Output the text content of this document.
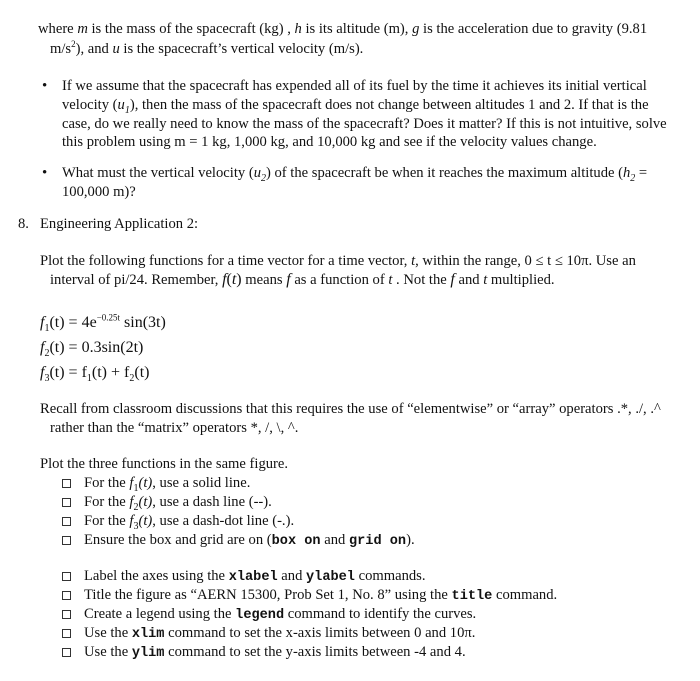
where m is the mass of the spacecraft (kg) , h is its altitude (m), g is the acceleration due to gravity (9.81

$m/s^2$), and u is the spacecraft’s vertical velocity (m/s).

• If we assume that the spacecraft has expended all of its fuel by the time it achieves its initial vertical

velocity $(u_1)$, then the mass of the spacecraft does not change between altitudes 1 and 2. If that is the

case, do we really need to know the mass of the spacecraft? Does it matter? If this is not intuitive, solve

this problem using m = 1 kg, 1,000 kg, and 10,000 kg and see if the velocity values change.

• What must the vertical velocity $(u_2)$ of the spacecraft be when it reaches the maximum altitude ($h_2$ =

100,000 m)?

8. Engineering Application 2:

Plot the following functions for a time vector for a time vector, t, within the range, 0 ≤ t ≤ 10π. Use an

interval of pi/24. Remember, f(t) means f as a function of t . Not the f and t multiplied.

$f_1(t) = 4e^{-0.25t}$ sin(3t)
$f_2(t) = 0.3\sin(2t)$
$f_3(t) = f_1(t) + f_2(t)$

Recall from classroom discussions that this requires the use of “elementwise” or “array” operators .*, ./, .^

rather than the “matrix” operators *, /, \, ^.

Plot the three functions in the same figure.

For the $f_1(t)$, use a solid line.

For the $f_2(t)$, use a dash line (--).

For the $f_3(t)$, use a dash-dot line (-.).

Ensure the box and grid are on (box on and grid on).

Label the axes using the xlabel and ylabel commands.

Title the figure as “AERN 15300, Prob Set 1, No. 8” using the title command.

Create a legend using the legend command to identify the curves.

Use the xlim command to set the x-axis limits between 0 and 10π.

Use the ylim command to set the y-axis limits between -4 and 4.
